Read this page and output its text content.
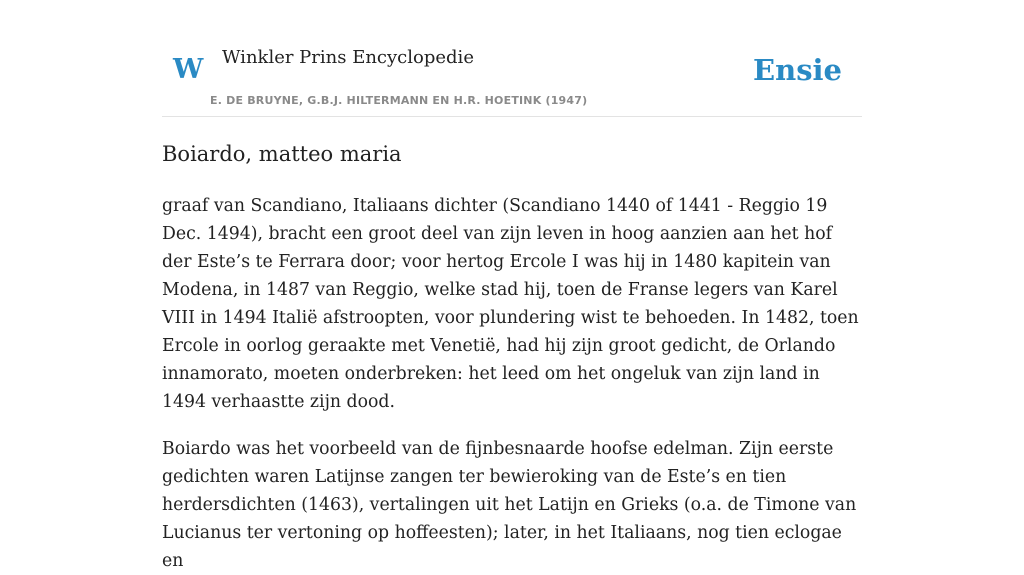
W Winkler Prins Encyclopedie
E. DE BRUYNE, G.B.J. HILTERMANN EN H.R. HOETINK (1947)
Ensie
Boiardo, matteo maria

graaf van Scandiano, Italiaans dichter (Scandiano 1440 of 1441 - Reggio 19 Dec. 1494), bracht een groot deel van zijn leven in hoog aanzien aan het hof der Este’s te Ferrara door; voor hertog Ercole I was hij in 1480 kapitein van Modena, in 1487 van Reggio, welke stad hij, toen de Franse legers van Karel VIII in 1494 Italië afstroopten, voor plundering wist te behoeden. In 1482, toen Ercole in oorlog geraakte met Venetië, had hij zijn groot gedicht, de Orlando innamorato, moeten onderbreken: het leed om het ongeluk van zijn land in 1494 verhaastte zijn dood.

Boiardo was het voorbeeld van de fijnbesnaarde hoofse edelman. Zijn eerste gedichten waren Latijnse zangen ter bewieroking van de Este’s en tien herdersdichten (1463), vertalingen uit het Latijn en Grieks (o.a. de Timone van Lucianus ter vertoning op hoffeesten); later, in het Italiaans, nog tien eclogae en
